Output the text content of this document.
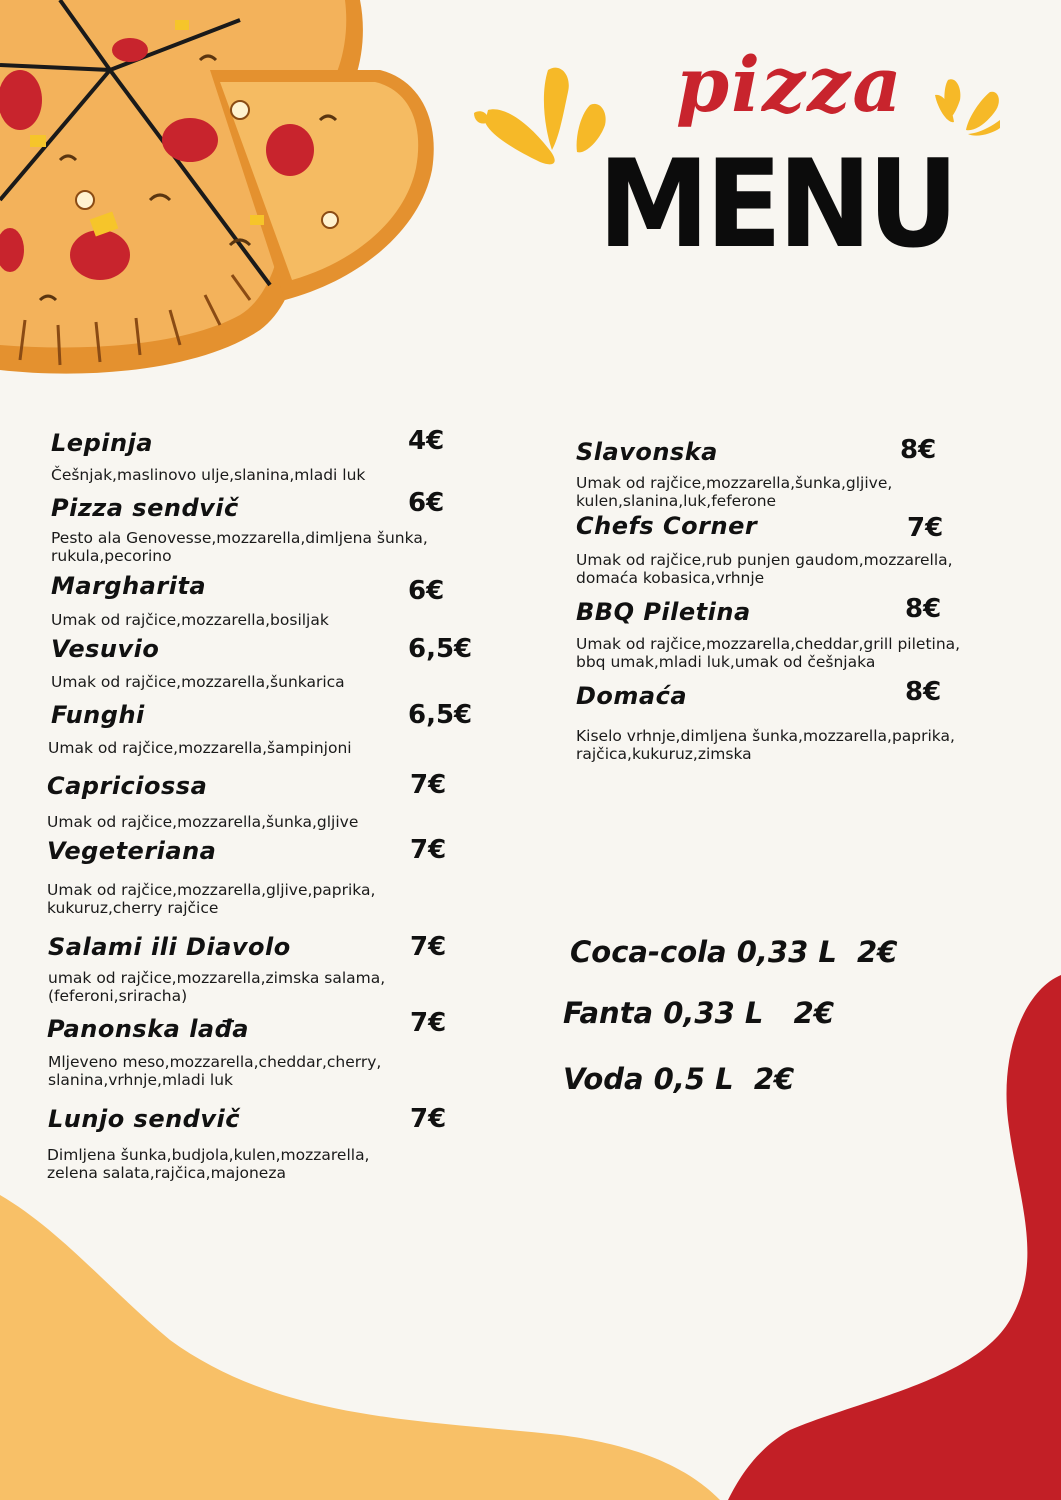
pizza
MENU
Lepinja	4€
Češnjak,maslinovo ulje,slanina,mladi luk
Pizza sendvič	6€
Pesto ala Genovesse,mozzarella,dimljena šunka,
rukula,pecorino
Margharita	6€
Umak od rajčice,mozzarella,bosiljak
Vesuvio	6,5€
Umak od rajčice,mozzarella,šunkarica
Funghi	6,5€
Umak od rajčice,mozzarella,šampinjoni
Capriciossa	7€
Umak od rajčice,mozzarella,šunka,gljive
Vegeteriana	7€
Umak od rajčice,mozzarella,gljive,paprika,
kukuruz,cherry rajčice
Salami ili Diavolo	7€
umak od rajčice,mozzarella,zimska salama,
(feferoni,sriracha)
Panonska lađa	7€
Mljeveno meso,mozzarella,cheddar,cherry,
slanina,vrhnje,mladi luk
Lunjo sendvič	7€
Dimljena šunka,budjola,kulen,mozzarella,
zelena salata,rajčica,majoneza
Slavonska	8€
Umak od rajčice,mozzarella,šunka,gljive,
kulen,slanina,luk,feferone
Chefs Corner	7€
Umak od rajčice,rub punjen gaudom,mozzarella,
domaća kobasica,vrhnje
BBQ Piletina	8€
Umak od rajčice,mozzarella,cheddar,grill piletina,
bbq umak,mladi luk,umak od češnjaka
Domaća	8€
Kiselo vrhnje,dimljena šunka,mozzarella,paprika,
rajčica,kukuruz,zimska
Coca-cola 0,33 L  2€
Fanta 0,33 L   2€
Voda 0,5 L  2€
